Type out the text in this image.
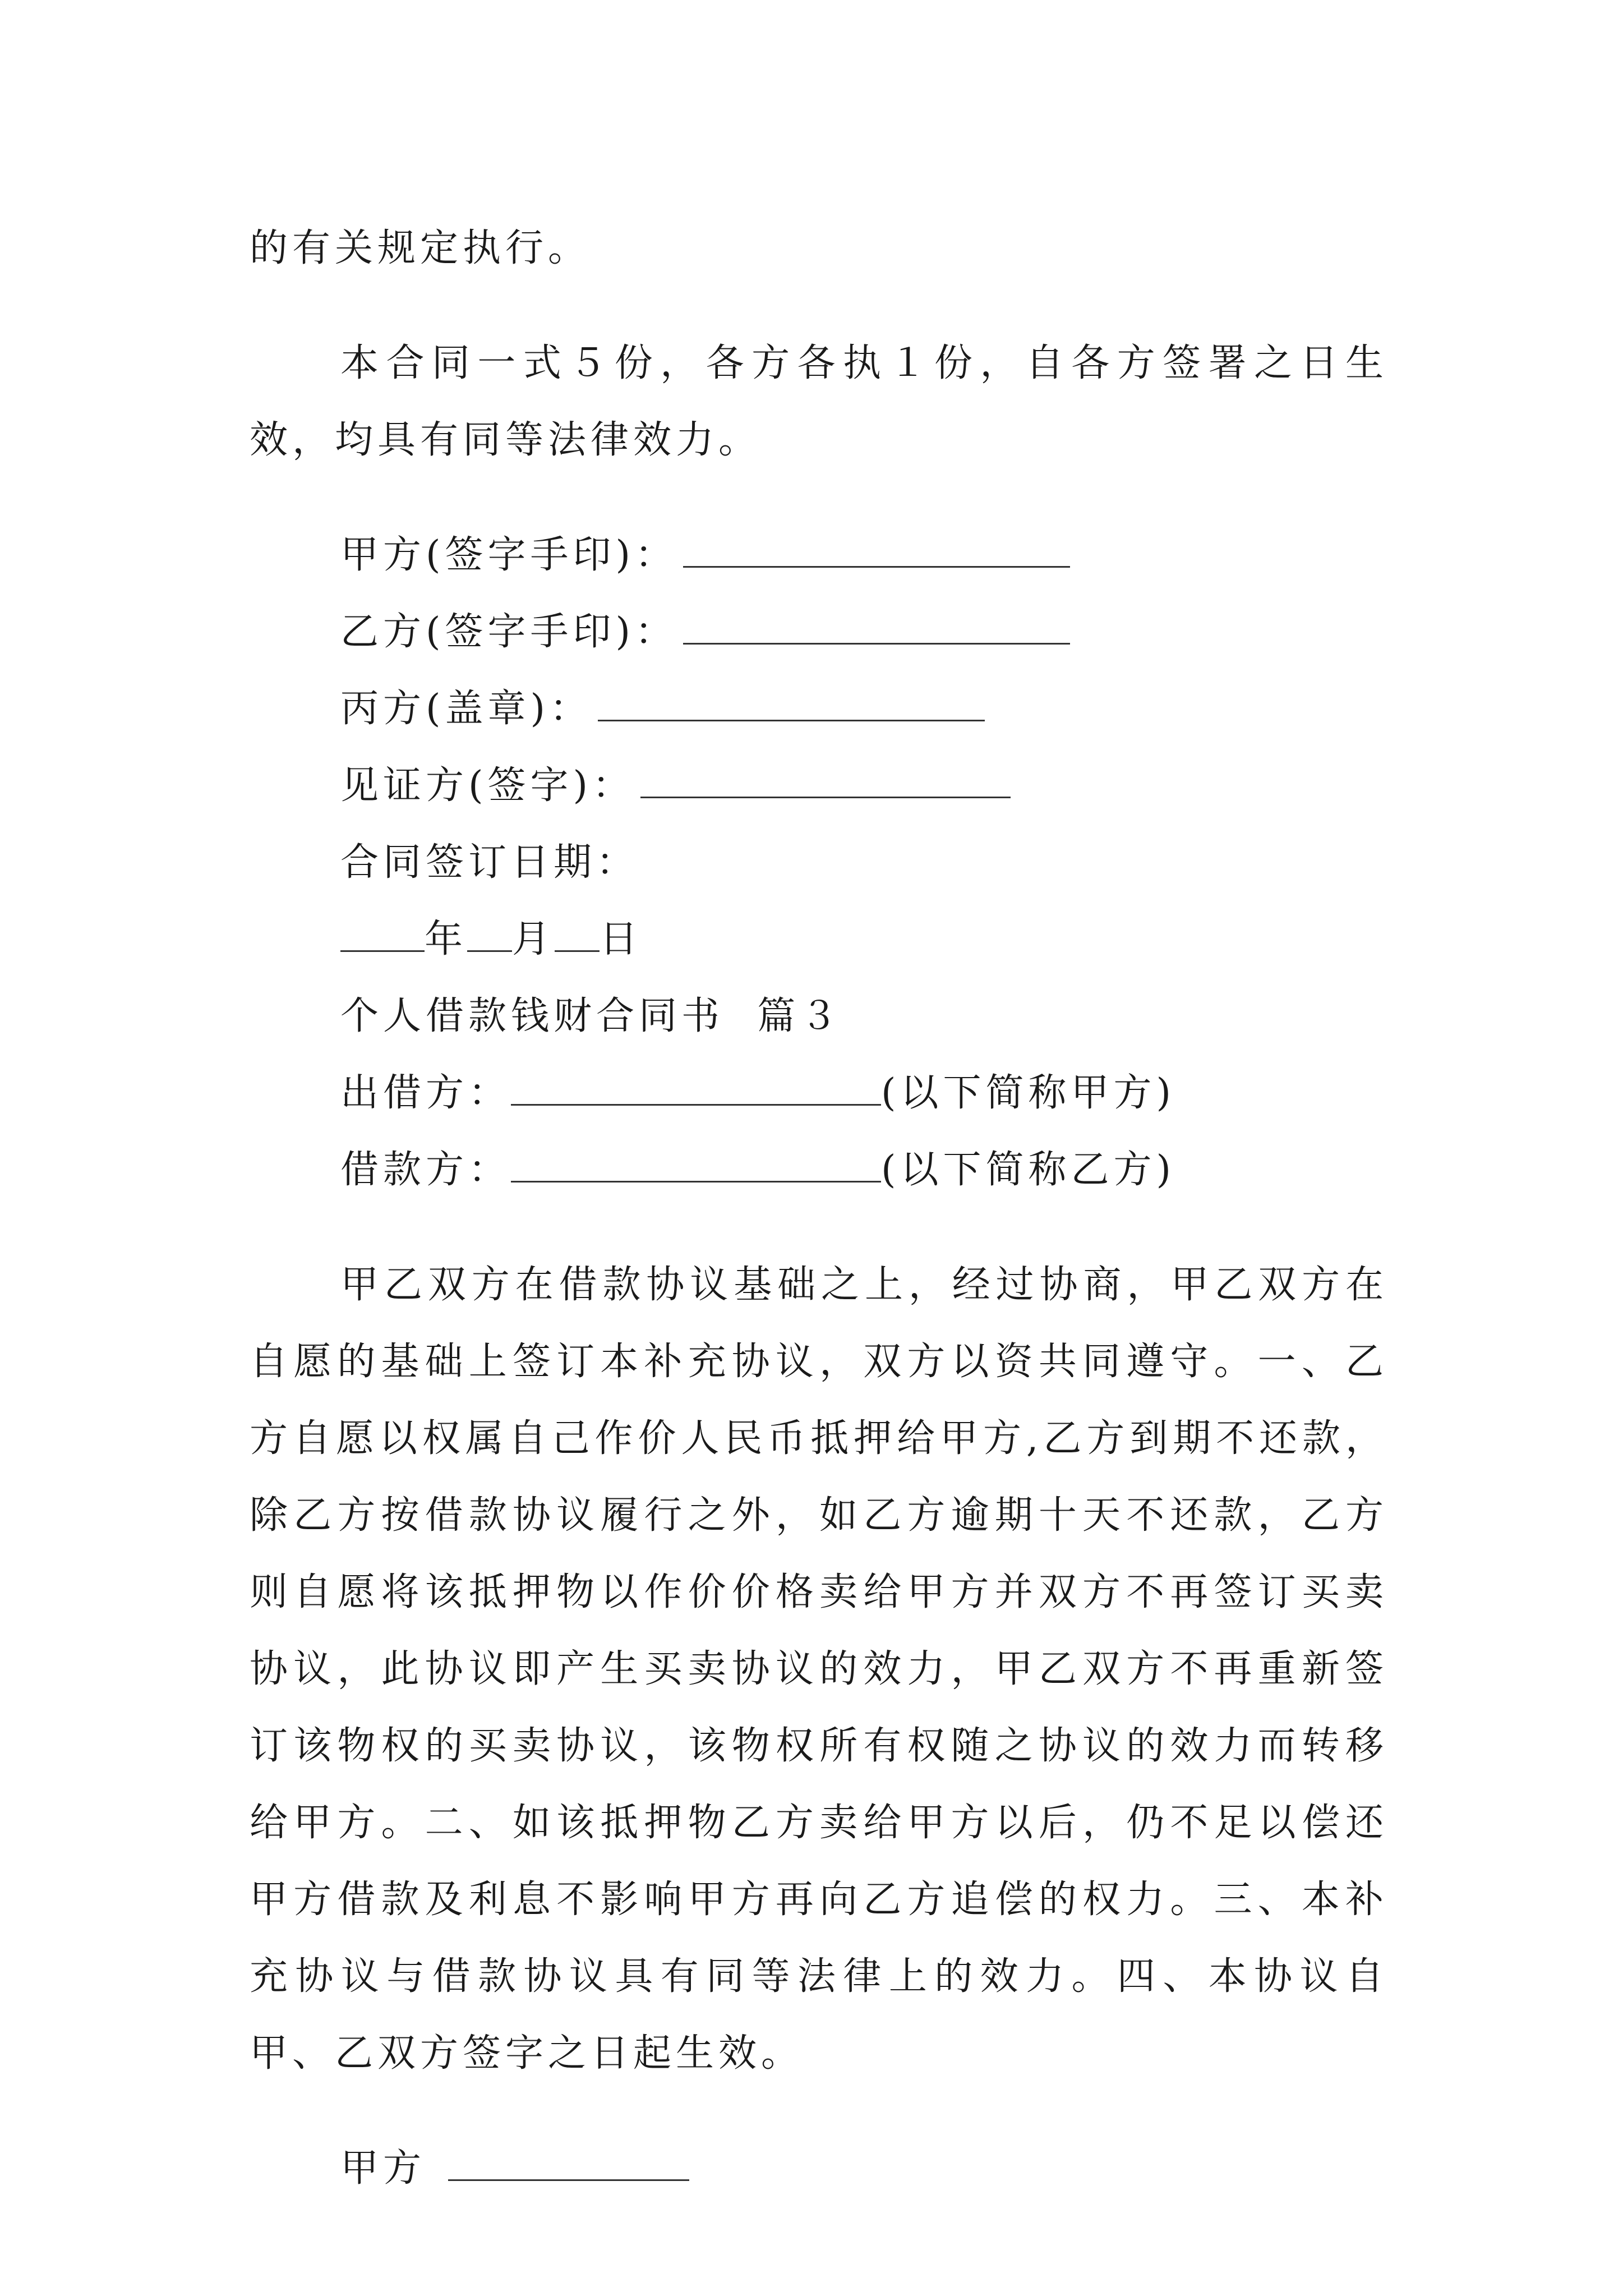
的有关规定执行。

本合同一式５份，各方各执１份，自各方签署之日生效，均具有同等法律效力。

甲方(签字手印)：

乙方(签字手印)：

丙方(盖章)：

见证方(签字)：

合同签订日期：

年 月 日

个人借款钱财合同书  篇３

出借方：	(以下简称甲方)

借款方：	(以下简称乙方)

甲乙双方在借款协议基础之上，经过协商，甲乙双方在自愿的基础上签订本补充协议，双方以资共同遵守。一、乙方自愿以权属自己作价人民币抵押给甲方,乙方到期不还款，除乙方按借款协议履行之外，如乙方逾期十天不还款，乙方则自愿将该抵押物以作价价格卖给甲方并双方不再签订买卖协议，此协议即产生买卖协议的效力，甲乙双方不再重新签订该物权的买卖协议，该物权所有权随之协议的效力而转移给甲方。二、如该抵押物乙方卖给甲方以后，仍不足以偿还甲方借款及利息不影响甲方再向乙方追偿的权力。三、本补充协议与借款协议具有同等法律上的效力。四、本协议自甲、乙双方签字之日起生效。

甲方
